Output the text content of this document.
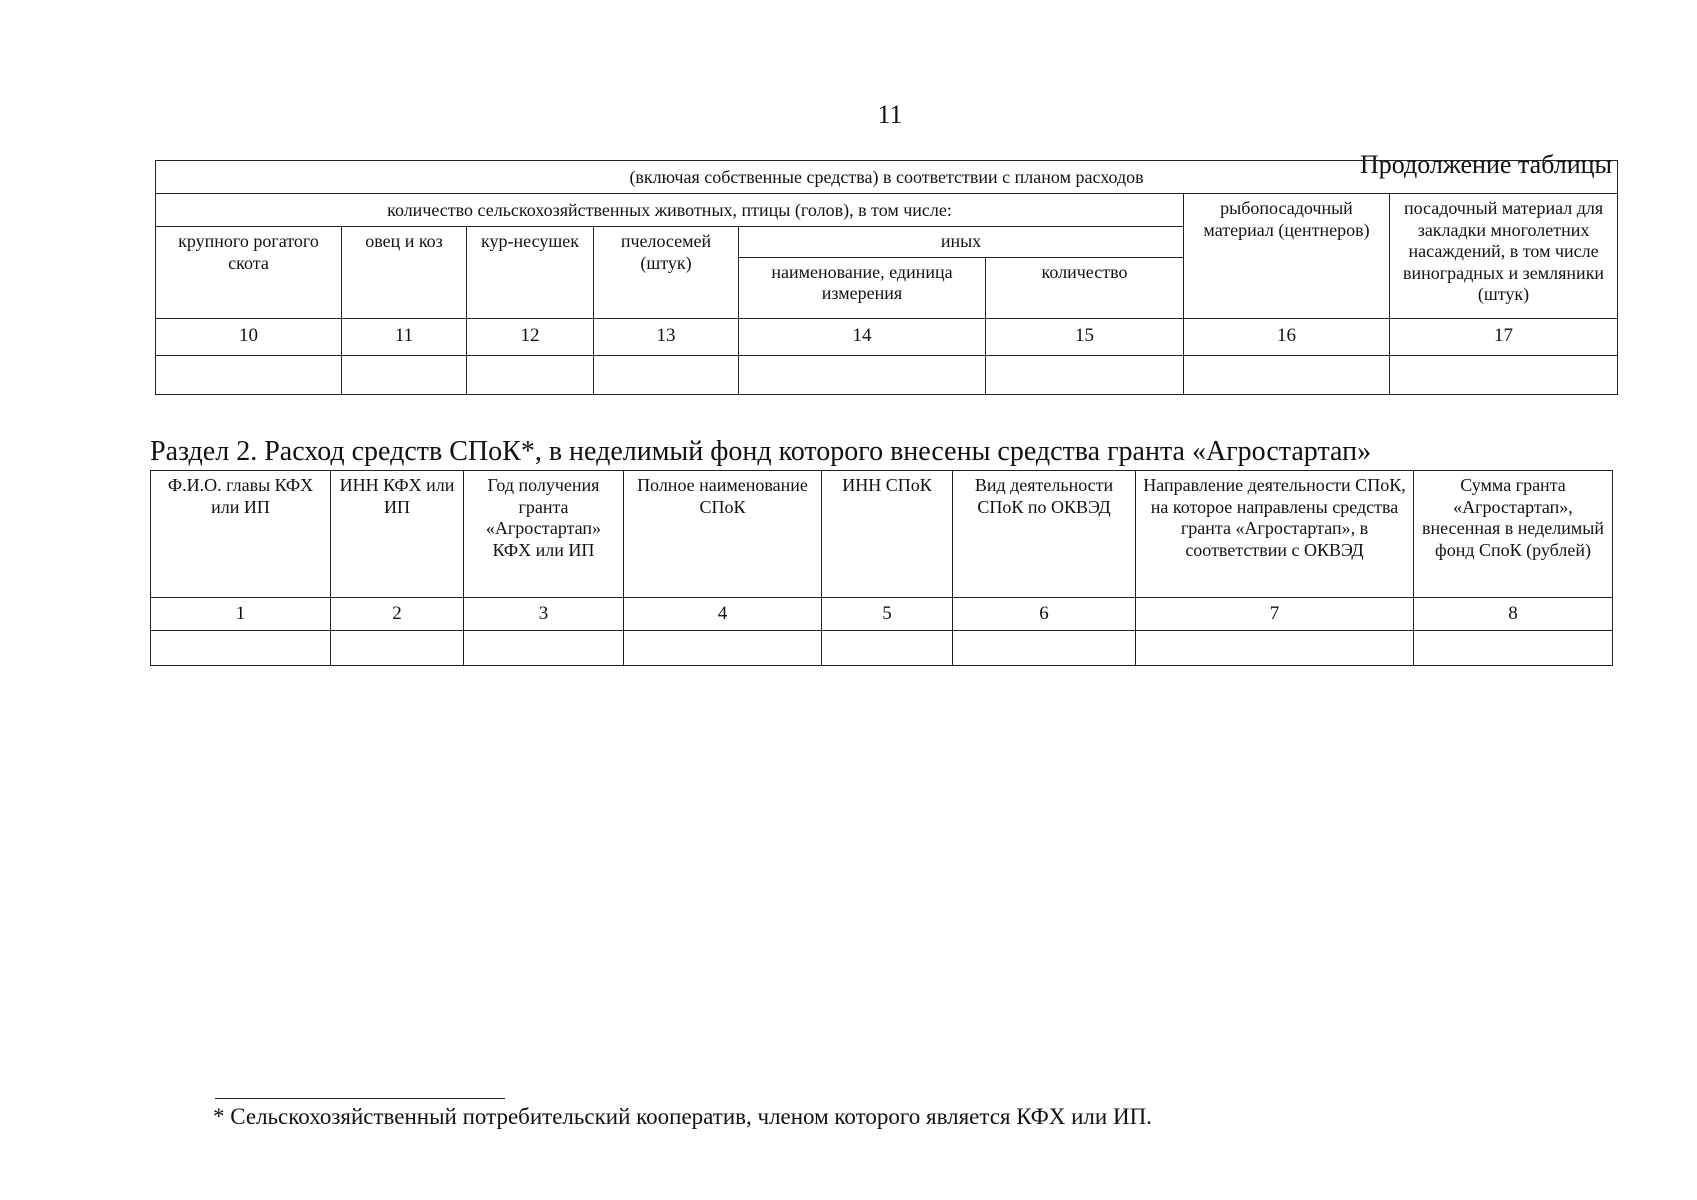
11
Продолжение таблицы
(включая собственные средства) в соответствии с планом расходов							
количество сельскохозяйственных животных, птицы (голов), в том числе:						рыбопосадочный материал (центнеров)	посадочный материал для закладки многолетних насаждений, в том числе виноградных и земляники (штук)
крупного рогатого скота	овец и коз	кур-несушек	пчелосемей (штук)	иных			
				наименование, единица измерения	количество		
10	11	12	13	14	15	16	17

Раздел 2. Расход средств СПоК*, в неделимый фонд которого внесены средства гранта «Агростартап»
Ф.И.О. главы КФХ или ИП	ИНН КФХ или ИП	Год получения гранта «Агростартап» КФХ или ИП	Полное наименование СПоК	ИНН СПоК	Вид деятельности СПоК по ОКВЭД	Направление деятельности СПоК, на которое направлены средства гранта «Агростартап», в соответствии с ОКВЭД	Сумма гранта «Агростартап», внесенная в неделимый фонд СпоК (рублей)
1	2	3	4	5	6	7	8

* Сельскохозяйственный потребительский кооператив, членом которого является КФХ или ИП.
